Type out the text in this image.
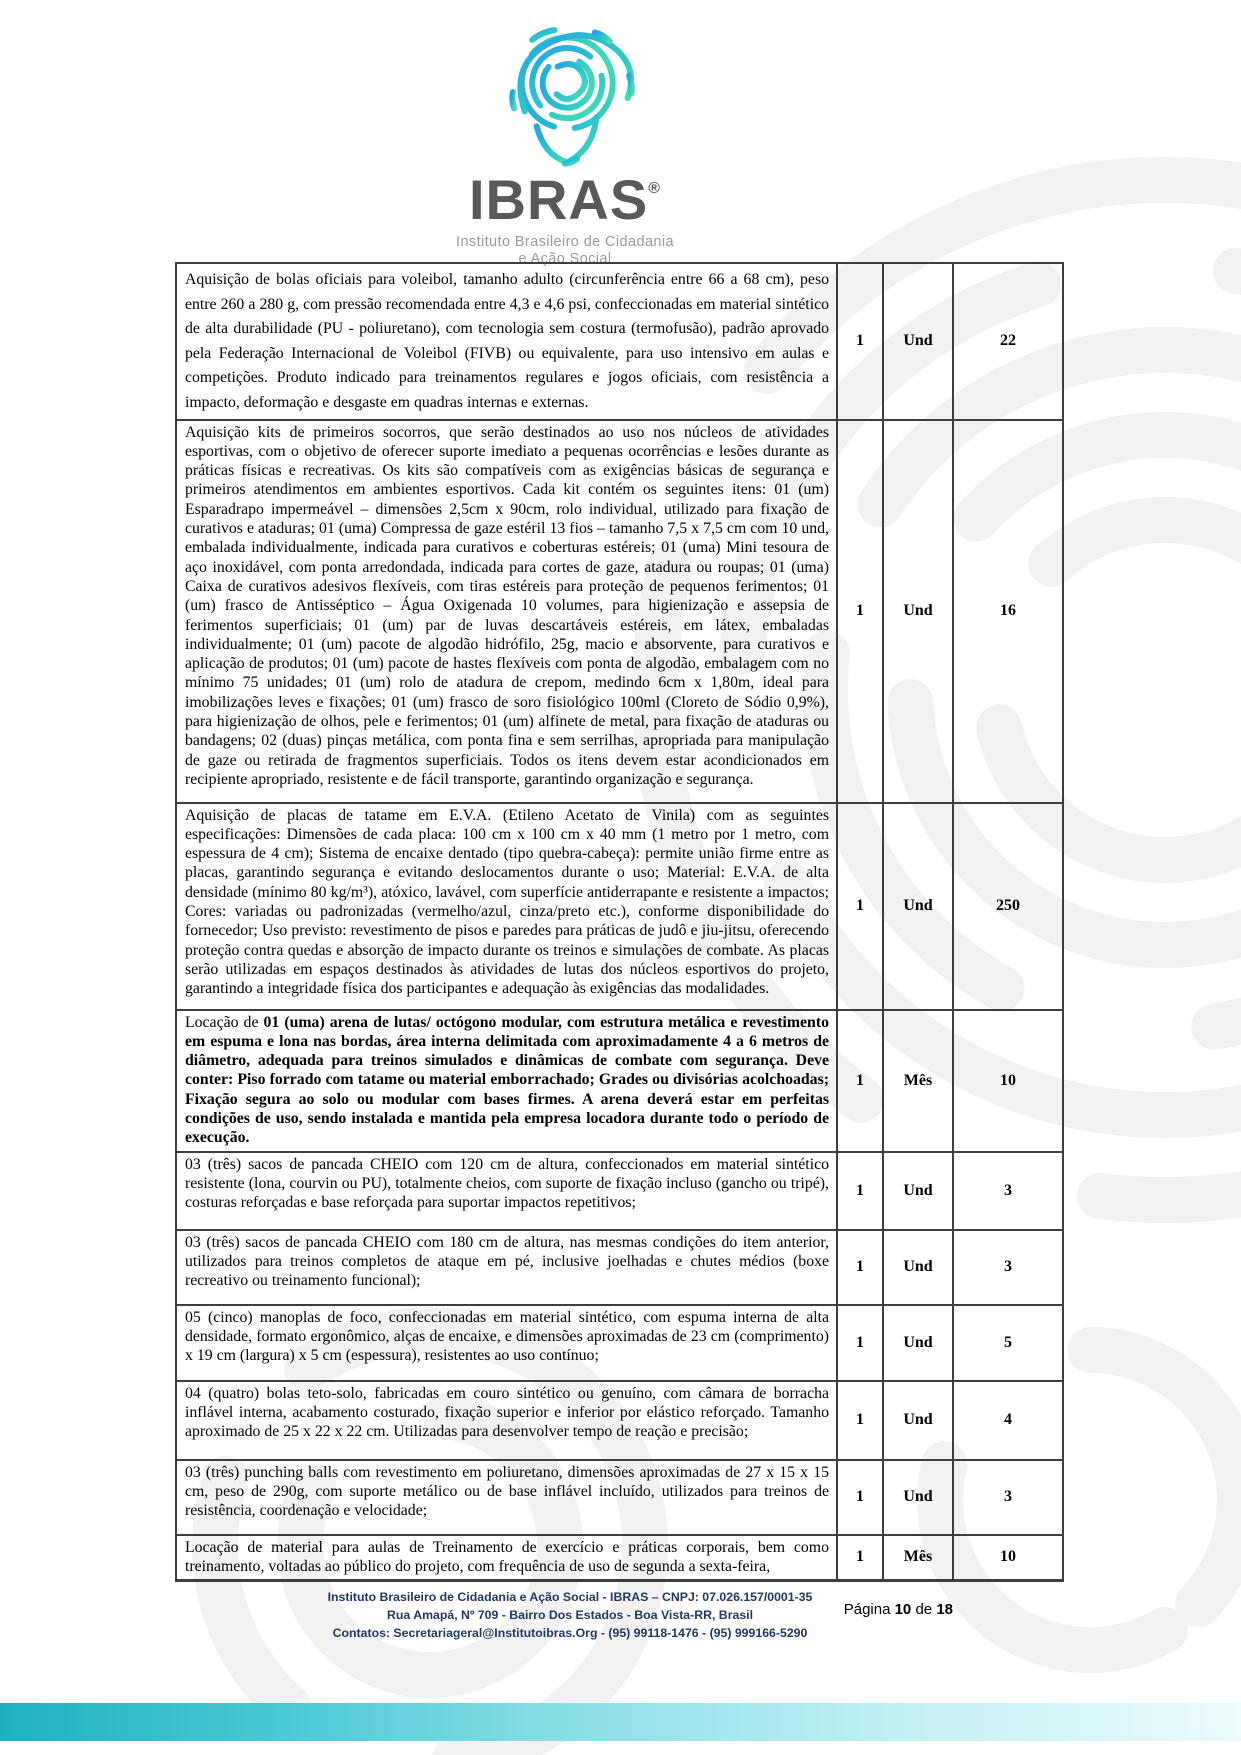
IBRAS®
Instituto Brasileiro de Cidadania
e Ação Social
Aquisição de bolas oficiais para voleibol, tamanho adulto (circunferência entre 66 a 68 cm), peso entre 260 a 280 g, com pressão recomendada entre 4,3 e 4,6 psi, confeccionadas em material sintético de alta durabilidade (PU - poliuretano), com tecnologia sem costura (termofusão), padrão aprovado pela Federação Internacional de Voleibol (FIVB) ou equivalente, para uso intensivo em aulas e competições. Produto indicado para treinamentos regulares e jogos oficiais, com resistência a impacto, deformação e desgaste em quadras internas e externas.
1	Und	22
Aquisição kits de primeiros socorros, que serão destinados ao uso nos núcleos de atividades esportivas, com o objetivo de oferecer suporte imediato a pequenas ocorrências e lesões durante as práticas físicas e recreativas. Os kits são compatíveis com as exigências básicas de segurança e primeiros atendimentos em ambientes esportivos. Cada kit contém os seguintes itens: 01 (um) Esparadrapo impermeável – dimensões 2,5cm x 90cm, rolo individual, utilizado para fixação de curativos e ataduras; 01 (uma) Compressa de gaze estéril 13 fios – tamanho 7,5 x 7,5 cm com 10 und, embalada individualmente, indicada para curativos e coberturas estéreis; 01 (uma) Mini tesoura de aço inoxidável, com ponta arredondada, indicada para cortes de gaze, atadura ou roupas; 01 (uma) Caixa de curativos adesivos flexíveis, com tiras estéreis para proteção de pequenos ferimentos; 01 (um) frasco de Antisséptico – Água Oxigenada 10 volumes, para higienização e assepsia de ferimentos superficiais; 01 (um) par de luvas descartáveis estéreis, em látex, embaladas individualmente; 01 (um) pacote de algodão hidrófilo, 25g, macio e absorvente, para curativos e aplicação de produtos; 01 (um) pacote de hastes flexíveis com ponta de algodão, embalagem com no mínimo 75 unidades; 01 (um) rolo de atadura de crepom, medindo 6cm x 1,80m, ideal para imobilizações leves e fixações; 01 (um) frasco de soro fisiológico 100ml (Cloreto de Sódio 0,9%), para higienização de olhos, pele e ferimentos; 01 (um) alfinete de metal, para fixação de ataduras ou bandagens; 02 (duas) pinças metálica, com ponta fina e sem serrilhas, apropriada para manipulação de gaze ou retirada de fragmentos superficiais. Todos os itens devem estar acondicionados em recipiente apropriado, resistente e de fácil transporte, garantindo organização e segurança.
1	Und	16
Aquisição de placas de tatame em E.V.A. (Etileno Acetato de Vinila) com as seguintes especificações: Dimensões de cada placa: 100 cm x 100 cm x 40 mm (1 metro por 1 metro, com espessura de 4 cm); Sistema de encaixe dentado (tipo quebra-cabeça): permite união firme entre as placas, garantindo segurança e evitando deslocamentos durante o uso; Material: E.V.A. de alta densidade (mínimo 80 kg/m³), atóxico, lavável, com superfície antiderrapante e resistente a impactos; Cores: variadas ou padronizadas (vermelho/azul, cinza/preto etc.), conforme disponibilidade do fornecedor; Uso previsto: revestimento de pisos e paredes para práticas de judô e jiu-jitsu, oferecendo proteção contra quedas e absorção de impacto durante os treinos e simulações de combate. As placas serão utilizadas em espaços destinados às atividades de lutas dos núcleos esportivos do projeto, garantindo a integridade física dos participantes e adequação às exigências das modalidades.
1	Und	250
Locação de 01 (uma) arena de lutas/ octógono modular, com estrutura metálica e revestimento em espuma e lona nas bordas, área interna delimitada com aproximadamente 4 a 6 metros de diâmetro, adequada para treinos simulados e dinâmicas de combate com segurança. Deve conter: Piso forrado com tatame ou material emborrachado; Grades ou divisórias acolchoadas; Fixação segura ao solo ou modular com bases firmes. A arena deverá estar em perfeitas condições de uso, sendo instalada e mantida pela empresa locadora durante todo o período de execução.
1	Mês	10
03 (três) sacos de pancada CHEIO com 120 cm de altura, confeccionados em material sintético resistente (lona, courvin ou PU), totalmente cheios, com suporte de fixação incluso (gancho ou tripé), costuras reforçadas e base reforçada para suportar impactos repetitivos;
1	Und	3
03 (três) sacos de pancada CHEIO com 180 cm de altura, nas mesmas condições do item anterior, utilizados para treinos completos de ataque em pé, inclusive joelhadas e chutes médios (boxe recreativo ou treinamento funcional);
1	Und	3
05 (cinco) manoplas de foco, confeccionadas em material sintético, com espuma interna de alta densidade, formato ergonômico, alças de encaixe, e dimensões aproximadas de 23 cm (comprimento) x 19 cm (largura) x 5 cm (espessura), resistentes ao uso contínuo;
1	Und	5
04 (quatro) bolas teto-solo, fabricadas em couro sintético ou genuíno, com câmara de borracha inflável interna, acabamento costurado, fixação superior e inferior por elástico reforçado. Tamanho aproximado de 25 x 22 x 22 cm. Utilizadas para desenvolver tempo de reação e precisão;
1	Und	4
03 (três) punching balls com revestimento em poliuretano, dimensões aproximadas de 27 x 15 x 15 cm, peso de 290g, com suporte metálico ou de base inflável incluído, utilizados para treinos de resistência, coordenação e velocidade;
1	Und	3
Locação de material para aulas de Treinamento de exercício e práticas corporais, bem como treinamento, voltadas ao público do projeto, com frequência de uso de segunda a sexta-feira,
1	Mês	10
Instituto Brasileiro de Cidadania e Ação Social - IBRAS – CNPJ: 07.026.157/0001-35
Rua Amapá, Nº 709 - Bairro Dos Estados - Boa Vista-RR, Brasil
Contatos: Secretariageral@Institutoibras.Org - (95) 99118-1476 - (95) 999166-5290
Página 10 de 18
